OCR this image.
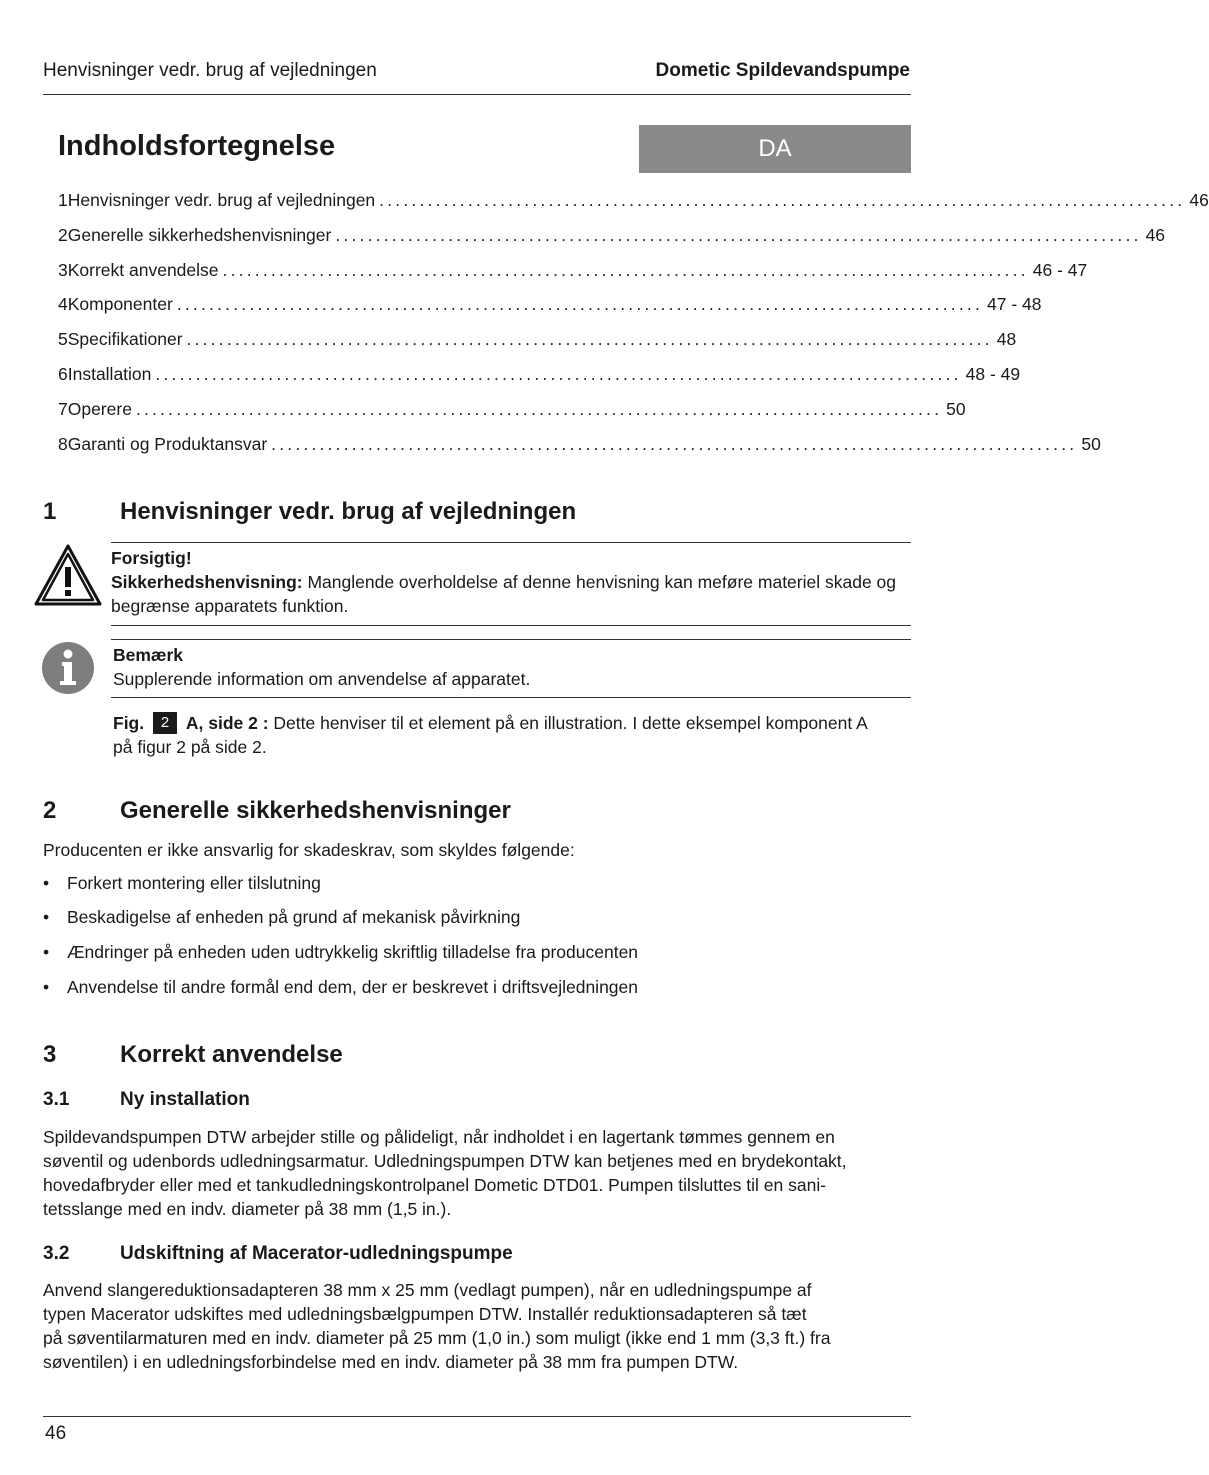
Henvisninger vedr. brug af vejledningen	Dometic Spildevandspumpe
Indholdsfortegnelse	DA
1 Henvisninger vedr. brug af vejledningen .................................................................................................... 46
2 Generelle sikkerhedshenvisninger .................................................................................................... 46
3 Korrekt anvendelse .................................................................................................... 46 - 47
4 Komponenter .................................................................................................... 47 - 48
5 Specifikationer .................................................................................................... 48
6 Installation .................................................................................................... 48 - 49
7 Operere .................................................................................................... 50
8 Garanti og Produktansvar .................................................................................................... 50
1	Henvisninger vedr. brug af vejledningen
Forsigtig!
Sikkerhedshenvisning: Manglende overholdelse af denne henvisning kan meføre materiel skade og begrænse apparatets funktion.
Bemærk
Supplerende information om anvendelse af apparatet.
Fig. 2 A, side 2 : Dette henviser til et element på en illustration. I dette eksempel komponent A på figur 2 på side 2.
2	Generelle sikkerhedshenvisninger
Producenten er ikke ansvarlig for skadeskrav, som skyldes følgende:
• Forkert montering eller tilslutning
• Beskadigelse af enheden på grund af mekanisk påvirkning
• Ændringer på enheden uden udtrykkelig skriftlig tilladelse fra producenten
• Anvendelse til andre formål end dem, der er beskrevet i driftsvejledningen
3	Korrekt anvendelse
3.1	Ny installation
Spildevandspumpen DTW arbejder stille og pålideligt, når indholdet i en lagertank tømmes gennem en
søventil og udenbords udledningsarmatur. Udledningspumpen DTW kan betjenes med en brydekontakt,
hovedafbryder eller med et tankudledningskontrolpanel Dometic DTD01. Pumpen tilsluttes til en sani-
tetsslange med en indv. diameter på 38 mm (1,5 in.).
3.2	Udskiftning af Macerator-udledningspumpe
Anvend slangereduktionsadapteren 38 mm x 25 mm (vedlagt pumpen), når en udledningspumpe af
typen Macerator udskiftes med udledningsbælgpumpen DTW. Installér reduktionsadapteren så tæt
på søventilarmaturen med en indv. diameter på 25 mm (1,0 in.) som muligt (ikke end 1 mm (3,3 ft.) fra
søventilen) i en udledningsforbindelse med en indv. diameter på 38 mm fra pumpen DTW.
46
